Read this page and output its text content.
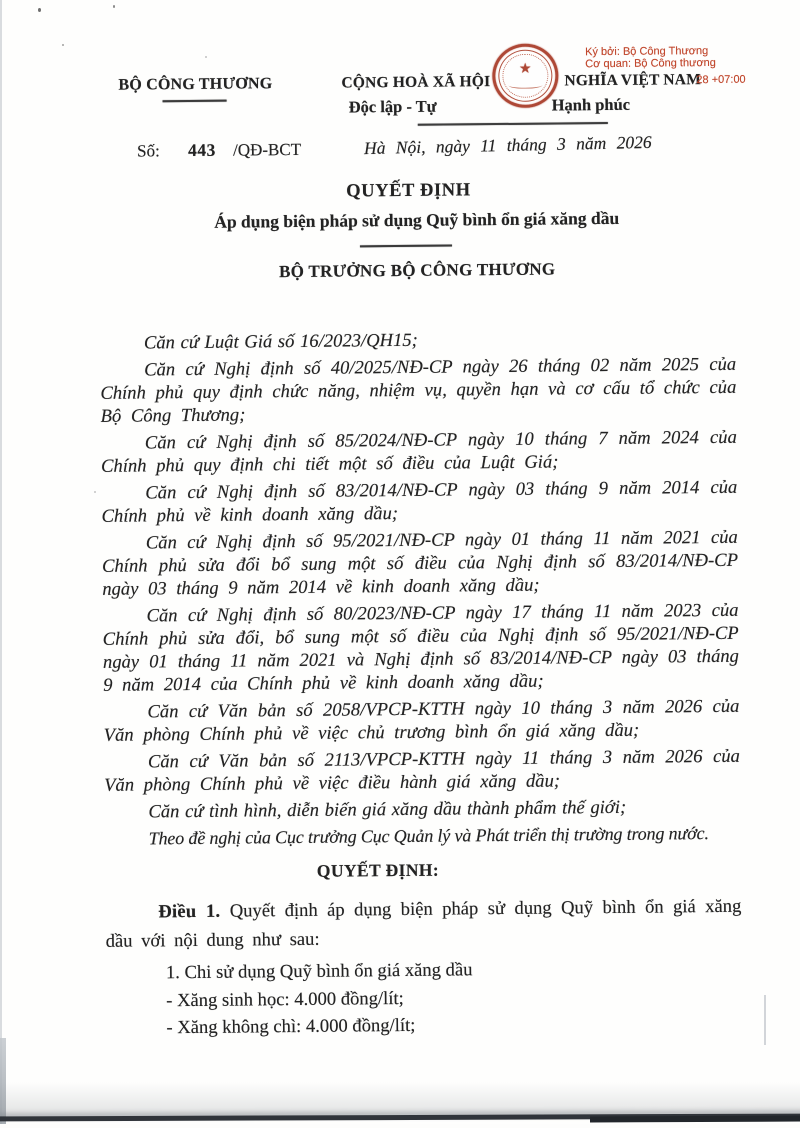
BỘ CÔNG THƯƠNG	CỘNG HOÀ XÃ HỘI	NGHĨA VIỆT NAM
Độc lập - Tự	Hạnh phúc
★
Ký bởi: Bộ Công Thương
Cơ quan: Bộ Công thương
28 +07:00
Số: 443 /QĐ-BCT	Hà Nội, ngày 11 tháng 3 năm 2026
QUYẾT ĐỊNH
Áp dụng biện pháp sử dụng Quỹ bình ổn giá xăng dầu
BỘ TRƯỞNG BỘ CÔNG THƯƠNG

Căn cứ Luật Giá số 16/2023/QH15;

Căn cứ Nghị định số 40/2025/NĐ-CP ngày 26 tháng 02 năm 2025 của Chính phủ quy định chức năng, nhiệm vụ, quyền hạn và cơ cấu tổ chức của Bộ Công Thương;

Căn cứ Nghị định số 85/2024/NĐ-CP ngày 10 tháng 7 năm 2024 của Chính phủ quy định chi tiết một số điều của Luật Giá;

Căn cứ Nghị định số 83/2014/NĐ-CP ngày 03 tháng 9 năm 2014 của Chính phủ về kinh doanh xăng dầu;

Căn cứ Nghị định số 95/2021/NĐ-CP ngày 01 tháng 11 năm 2021 của Chính phủ sửa đổi bổ sung một số điều của Nghị định số 83/2014/NĐ-CP ngày 03 tháng 9 năm 2014 về kinh doanh xăng dầu;

Căn cứ Nghị định số 80/2023/NĐ-CP ngày 17 tháng 11 năm 2023 của Chính phủ sửa đổi, bổ sung một số điều của Nghị định số 95/2021/NĐ-CP ngày 01 tháng 11 năm 2021 và Nghị định số 83/2014/NĐ-CP ngày 03 tháng 9 năm 2014 của Chính phủ về kinh doanh xăng dầu;

Căn cứ Văn bản số 2058/VPCP-KTTH ngày 10 tháng 3 năm 2026 của Văn phòng Chính phủ về việc chủ trương bình ổn giá xăng dầu;

Căn cứ Văn bản số 2113/VPCP-KTTH ngày 11 tháng 3 năm 2026 của Văn phòng Chính phủ về việc điều hành giá xăng dầu;

Căn cứ tình hình, diễn biến giá xăng dầu thành phẩm thế giới;

Theo đề nghị của Cục trưởng Cục Quản lý và Phát triển thị trường trong nước.

QUYẾT ĐỊNH:

Điều 1. Quyết định áp dụng biện pháp sử dụng Quỹ bình ổn giá xăng dầu với nội dung như sau:

1. Chi sử dụng Quỹ bình ổn giá xăng dầu
- Xăng sinh học: 4.000 đồng/lít;
- Xăng không chì: 4.000 đồng/lít;
